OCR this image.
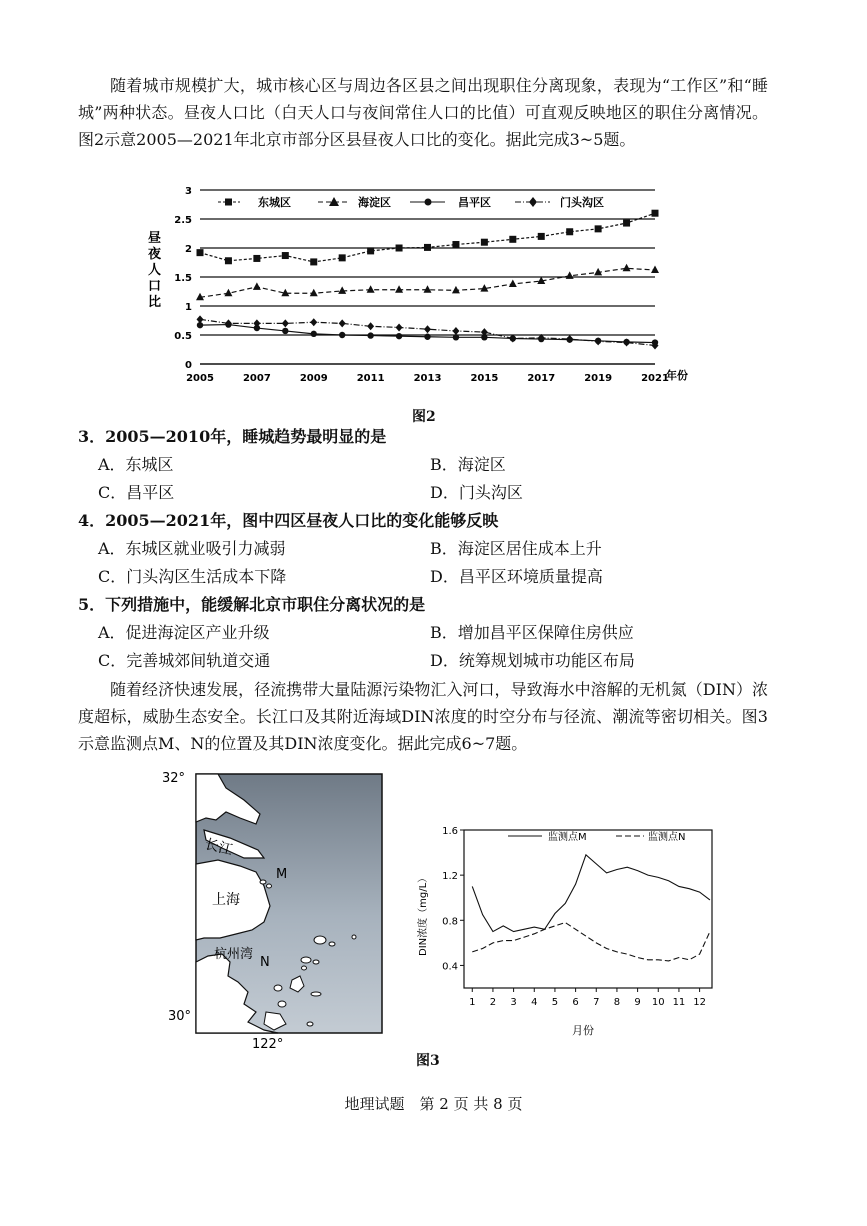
随着城市规模扩大，城市核心区与周边各区县之间出现职住分离现象，表现为“工作区”和“睡城”两种状态。昼夜人口比（白天人口与夜间常住人口的比值）可直观反映地区的职住分离情况。图2示意2005—2021年北京市部分区县昼夜人口比的变化。据此完成3~5题。

2005	2007	2009	2011	2013	2015	2017	2019	2021
0
0.5
1
1.5
2
2.5
3
东城区	海淀区	昌平区	门头沟区
昼
夜
人
口
比
年份

图2

3．2005—2010年，睡城趋势最明显的是

A．东城区	B．海淀区

C．昌平区	D．门头沟区

4．2005—2021年，图中四区昼夜人口比的变化能够反映

A．东城区就业吸引力减弱	B．海淀区居住成本上升

C．门头沟区生活成本下降	D．昌平区环境质量提高

5．下列措施中，能缓解北京市职住分离状况的是

A．促进海淀区产业升级	B．增加昌平区保障住房供应

C．完善城郊间轨道交通	D．统筹规划城市功能区布局

随着经济快速发展，径流携带大量陆源污染物汇入河口，导致海水中溶解的无机氮（DIN）浓度超标，威胁生态安全。长江口及其附近海域DIN浓度的时空分布与径流、潮流等密切相关。图3示意监测点M、N的位置及其DIN浓度变化。据此完成6~7题。

32°
30°
122°
长江
上海
杭州湾
M
N	0.4
0.8
1.2
1.6
1 2 3 4 5 6 7 8 9 10 11 12
监测点M	监测点N
DIN浓度（mg/L）
月份

图3

地理试题　第 2 页 共 8 页
